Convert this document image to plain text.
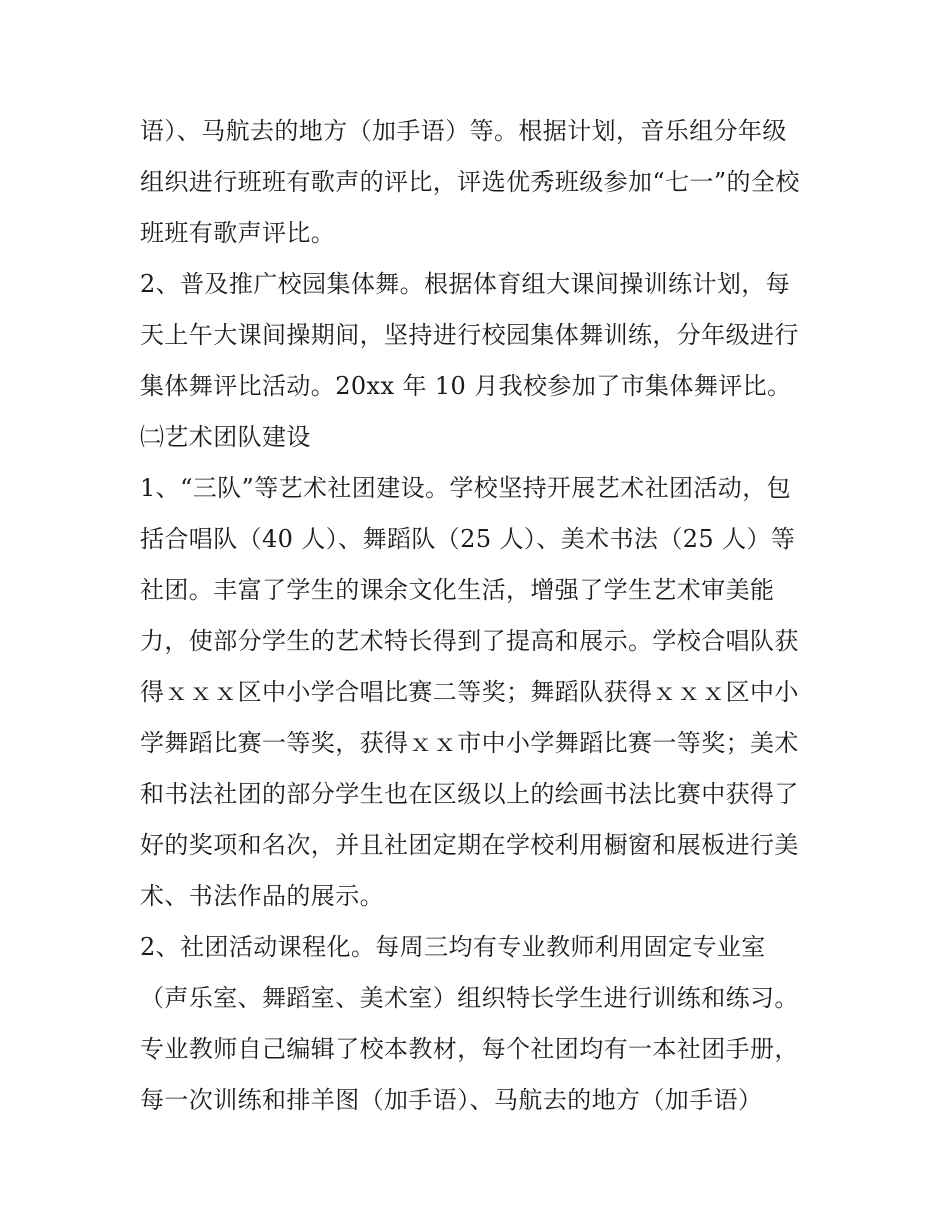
语）、马航去的地方（加手语）等。根据计划，音乐组分年级
组织进行班班有歌声的评比，评选优秀班级参加“七一”的全校
班班有歌声评比。
2、普及推广校园集体舞。根据体育组大课间操训练计划，每
天上午大课间操期间，坚持进行校园集体舞训练，分年级进行
集体舞评比活动。20xx 年 10 月我校参加了市集体舞评比。
㈡艺术团队建设
1、“三队”等艺术社团建设。学校坚持开展艺术社团活动，包
括合唱队（40 人）、舞蹈队（25 人）、美术书法（25 人）等
社团。丰富了学生的课余文化生活，增强了学生艺术审美能
力，使部分学生的艺术特长得到了提高和展示。学校合唱队获
得ｘｘｘ区中小学合唱比赛二等奖；舞蹈队获得ｘｘｘ区中小
学舞蹈比赛一等奖，获得ｘｘ市中小学舞蹈比赛一等奖；美术
和书法社团的部分学生也在区级以上的绘画书法比赛中获得了
好的奖项和名次，并且社团定期在学校利用橱窗和展板进行美
术、书法作品的展示。
2、社团活动课程化。每周三均有专业教师利用固定专业室
（声乐室、舞蹈室、美术室）组织特长学生进行训练和练习。
专业教师自己编辑了校本教材，每个社团均有一本社团手册，
每一次训练和排羊图（加手语）、马航去的地方（加手语）
